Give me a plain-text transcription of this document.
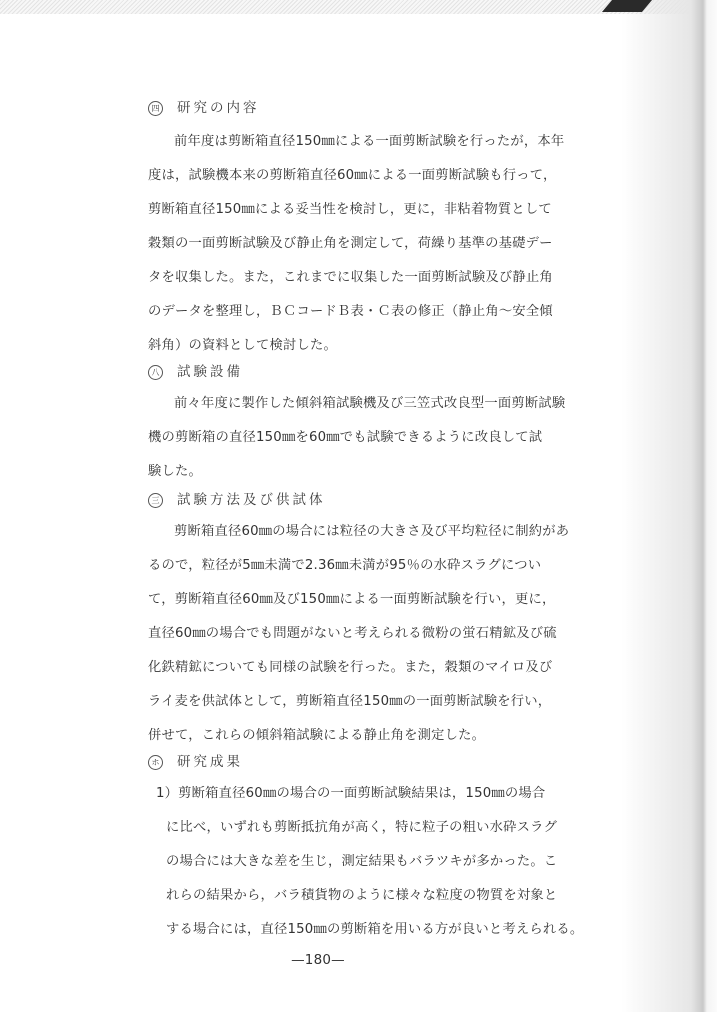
四 研究の内容
前年度は剪断箱直径150㎜による一面剪断試験を行ったが，本年
度は，試験機本来の剪断箱直径60㎜による一面剪断試験も行って，
剪断箱直径150㎜による妥当性を検討し，更に，非粘着物質として
穀類の一面剪断試験及び静止角を測定して，荷繰り基準の基礎デー
タを収集した。また，これまでに収集した一面剪断試験及び静止角
のデータを整理し，ＢＣコードＢ表・Ｃ表の修正（静止角～安全傾
斜角）の資料として検討した。
八 試験設備
前々年度に製作した傾斜箱試験機及び三笠式改良型一面剪断試験
機の剪断箱の直径150㎜を60㎜でも試験できるように改良して試
験した。
三 試験方法及び供試体
剪断箱直径60㎜の場合には粒径の大きさ及び平均粒径に制約があ
るので，粒径が5㎜未満で2.36㎜未満が95％の水砕スラグについ
て，剪断箱直径60㎜及び150㎜による一面剪断試験を行い，更に，
直径60㎜の場合でも問題がないと考えられる微粉の蛍石精鉱及び硫
化鉄精鉱についても同様の試験を行った。また，穀類のマイロ及び
ライ麦を供試体として，剪断箱直径150㎜の一面剪断試験を行い，
併せて，これらの傾斜箱試験による静止角を測定した。
ホ 研究成果
1）剪断箱直径60㎜の場合の一面剪断試験結果は，150㎜の場合
に比べ，いずれも剪断抵抗角が高く，特に粒子の粗い水砕スラグ
の場合には大きな差を生じ，測定結果もバラツキが多かった。こ
れらの結果から，バラ積貨物のように様々な粒度の物質を対象と
する場合には，直径150㎜の剪断箱を用いる方が良いと考えられる。
—180—
